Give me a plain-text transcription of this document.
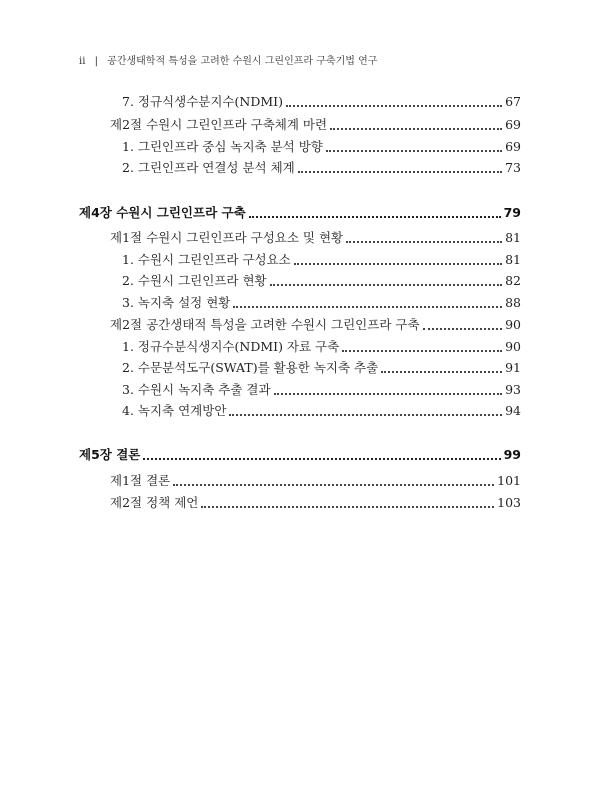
ii | 공간생태학적 특성을 고려한 수원시 그린인프라 구축기법 연구
7. 정규식생수분지수(NDMI)	67
제2절 수원시 그린인프라 구축체계 마련	69
1. 그린인프라 중심 녹지축 분석 방향	69
2. 그린인프라 연결성 분석 체계	73
제4장 수원시 그린인프라 구축	79
제1절 수원시 그린인프라 구성요소 및 현황	81
1. 수원시 그린인프라 구성요소	81
2. 수원시 그린인프라 현황	82
3. 녹지축 설정 현황	88
제2절 공간생태적 특성을 고려한 수원시 그린인프라 구축	90
1. 정규수분식생지수(NDMI) 자료 구축	90
2. 수문분석도구(SWAT)를 활용한 녹지축 추출	91
3. 수원시 녹지축 추출 결과	93
4. 녹지축 연계방안	94
제5장 결론	99
제1절 결론	101
제2절 정책 제언	103
